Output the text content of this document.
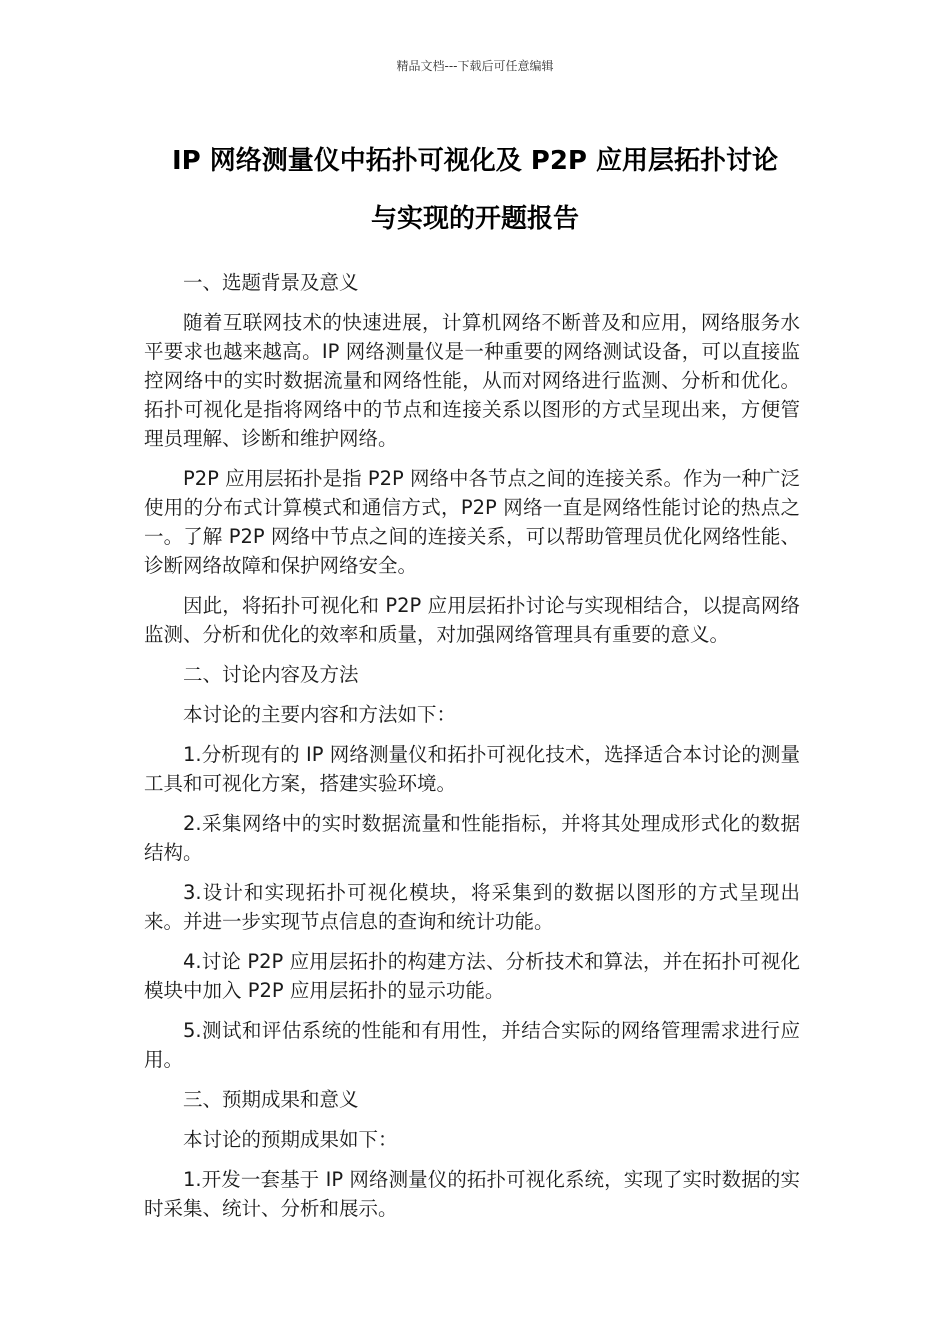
精品文档---下载后可任意编辑
IP 网络测量仪中拓扑可视化及 P2P 应用层拓扑讨论
与实现的开题报告

一、选题背景及意义

随着互联网技术的快速进展，计算机网络不断普及和应用，网络服务水平要求也越来越高。IP 网络测量仪是一种重要的网络测试设备，可以直接监控网络中的实时数据流量和网络性能，从而对网络进行监测、分析和优化。拓扑可视化是指将网络中的节点和连接关系以图形的方式呈现出来，方便管理员理解、诊断和维护网络。

P2P 应用层拓扑是指 P2P 网络中各节点之间的连接关系。作为一种广泛使用的分布式计算模式和通信方式，P2P 网络一直是网络性能讨论的热点之一。了解 P2P 网络中节点之间的连接关系，可以帮助管理员优化网络性能、诊断网络故障和保护网络安全。

因此，将拓扑可视化和 P2P 应用层拓扑讨论与实现相结合，以提高网络监测、分析和优化的效率和质量，对加强网络管理具有重要的意义。

二、讨论内容及方法

本讨论的主要内容和方法如下：

1.分析现有的 IP 网络测量仪和拓扑可视化技术，选择适合本讨论的测量工具和可视化方案，搭建实验环境。

2.采集网络中的实时数据流量和性能指标，并将其处理成形式化的数据结构。

3.设计和实现拓扑可视化模块，将采集到的数据以图形的方式呈现出来。并进一步实现节点信息的查询和统计功能。

4.讨论 P2P 应用层拓扑的构建方法、分析技术和算法，并在拓扑可视化模块中加入 P2P 应用层拓扑的显示功能。

5.测试和评估系统的性能和有用性，并结合实际的网络管理需求进行应用。

三、预期成果和意义

本讨论的预期成果如下：

1.开发一套基于 IP 网络测量仪的拓扑可视化系统，实现了实时数据的实时采集、统计、分析和展示。
